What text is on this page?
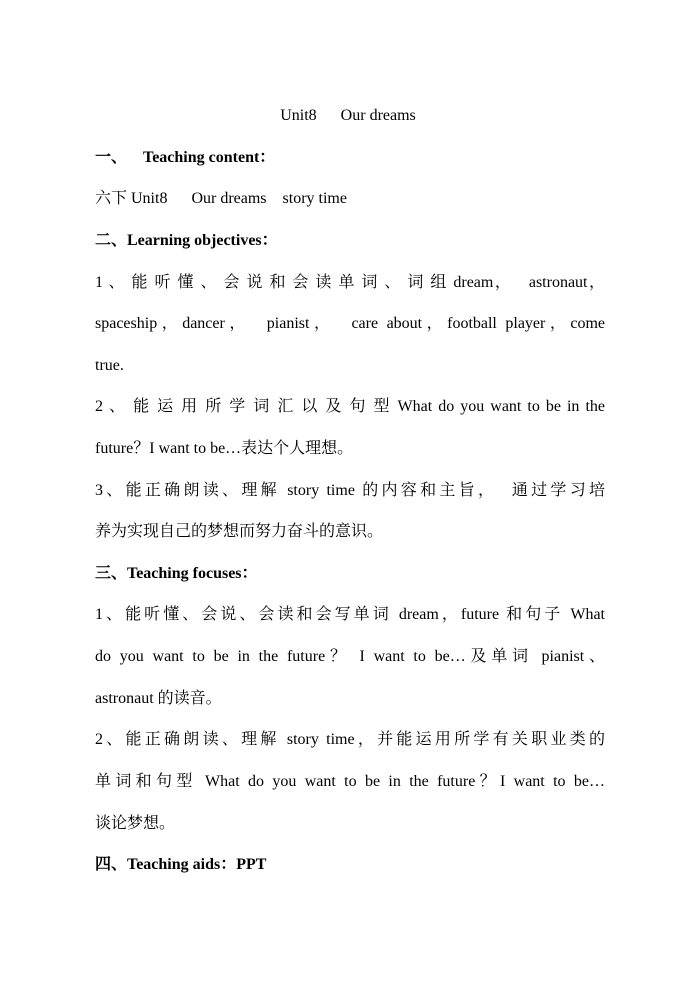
Unit8      Our dreams
一、    Teaching content：
六下 Unit8      Our dreams    story time
二、Learning objectives：
1 、 能 听 懂 、 会 说 和 会 读 单 词 、 词 组 dream，   astronaut，
spaceship，dancer，  pianist，  care about，football player，come
true.
2 、 能 运 用 所 学 词 汇 以 及 句 型 What do you want to be in the
future？I want to be…表达个人理想。
3、能正确朗读、理解 story time 的内容和主旨，  通过学习培
养为实现自己的梦想而努力奋斗的意识。
三、Teaching focuses：
1、能听懂、会说、会读和会写单词 dream，future 和句子 What
do you want to be in the future？ I want to be…及单词 pianist、
astronaut 的读音。
2、能正确朗读、理解 story time，并能运用所学有关职业类的
单词和句型 What do you want to be in the future？I want to be…
谈论梦想。
四、Teaching aids：PPT
